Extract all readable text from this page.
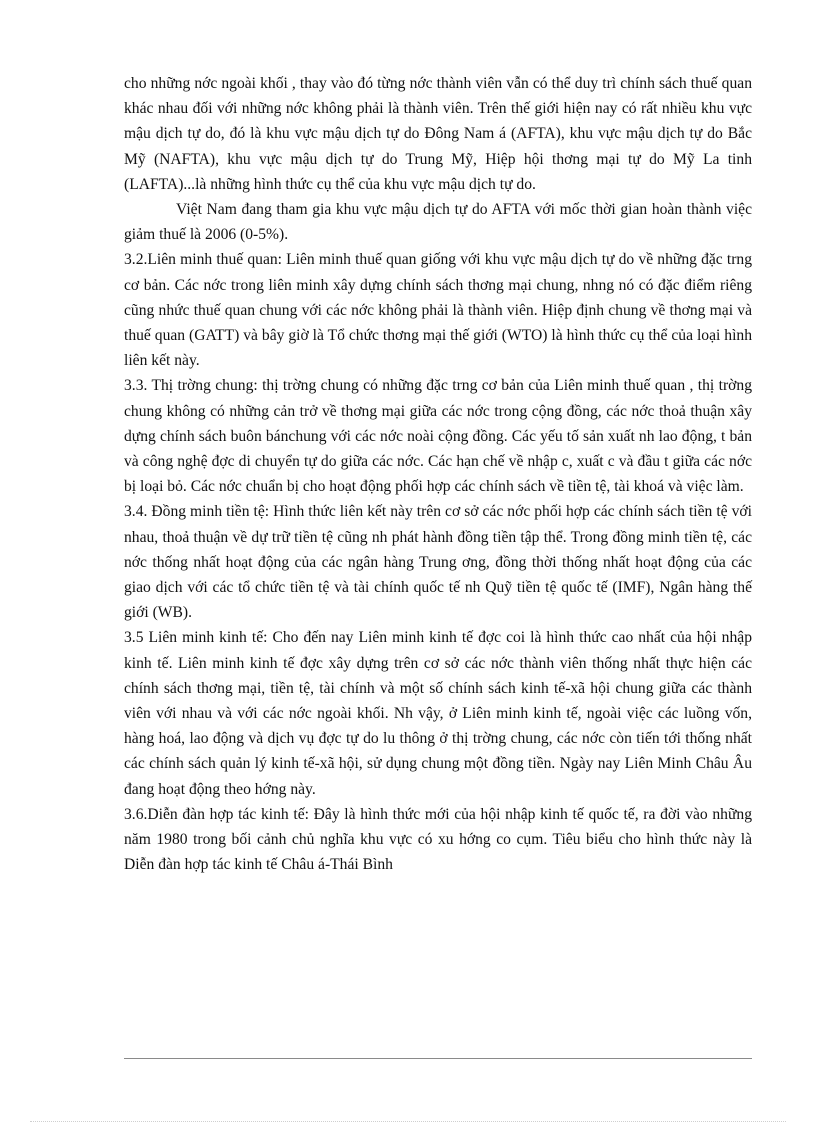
cho những nớc ngoài khối , thay vào đó từng nớc thành viên vẫn có thể duy trì chính sách thuế quan khác nhau đối với những nớc không phải là thành viên. Trên thế giới hiện nay có rất nhiều khu vực mậu dịch tự do, đó là khu vực mậu dịch tự do Đông Nam á (AFTA), khu vực mậu dịch tự do Bắc Mỹ (NAFTA), khu vực mậu dịch tự do Trung Mỹ, Hiệp hội thơng mại tự do Mỹ La tinh (LAFTA)...là những hình thức cụ thể của khu vực mậu dịch tự do.

Việt Nam đang tham gia khu vực mậu dịch tự do AFTA với mốc thời gian hoàn thành việc giảm thuế là 2006 (0-5%).

3.2.Liên minh thuế quan: Liên minh thuế quan giống với khu vực mậu dịch tự do về những đặc trng cơ bản. Các nớc trong liên minh xây dựng chính sách thơng mại chung, nhng nó có đặc điểm riêng cũng nhức thuế quan chung với các nớc không phải là thành viên. Hiệp định chung về thơng mại và thuế quan (GATT) và bây giờ là Tổ chức thơng mại thế giới (WTO) là hình thức cụ thể của loại hình liên kết này.

3.3. Thị trờng chung: thị trờng chung có những đặc trng cơ bản của Liên minh thuế quan , thị trờng chung không có những cản trở về thơng mại giữa các nớc trong cộng đồng, các nớc thoả thuận xây dựng chính sách buôn bánchung với các nớc noài cộng đồng. Các yếu tố sản xuất nh lao động, t bản và công nghệ đợc di chuyển tự do giữa các nớc. Các hạn chế về nhập c, xuất c và đầu t giữa các nớc bị loại bỏ. Các nớc chuẩn bị cho hoạt động phối hợp các chính sách về tiền tệ, tài khoá và việc làm.

3.4. Đồng minh tiền tệ: Hình thức liên kết này trên cơ sở các nớc phối hợp các chính sách tiền tệ với nhau, thoả thuận về dự trữ tiền tệ cũng nh phát hành đồng tiền tập thể. Trong đồng minh tiền tệ, các nớc thống nhất hoạt động của các ngân hàng Trung ơng, đồng thời thống nhất hoạt động của các giao dịch với các tổ chức tiền tệ và tài chính quốc tế nh Quỹ tiền tệ quốc tế (IMF), Ngân hàng thế giới (WB).

3.5 Liên minh kinh tế: Cho đến nay Liên minh kinh tế đợc coi là hình thức cao nhất của hội nhập kinh tế. Liên minh kinh tế đợc xây dựng trên cơ sở các nớc thành viên thống nhất thực hiện các chính sách thơng mại, tiền tệ, tài chính và một số chính sách kinh tế-xã hội chung giữa các thành viên với nhau và với các nớc ngoài khối. Nh vậy, ở Liên minh kinh tế, ngoài việc các luồng vốn, hàng hoá, lao động và dịch vụ đợc tự do lu thông ở thị trờng chung, các nớc còn tiến tới thống nhất các chính sách quản lý kinh tế-xã hội, sử dụng chung một đồng tiền. Ngày nay Liên Minh Châu Âu đang hoạt động theo hớng này.

3.6.Diễn đàn hợp tác kinh tế: Đây là hình thức mới của hội nhập kinh tế quốc tế, ra đời vào những năm 1980 trong bối cảnh chủ nghĩa khu vực có xu hớng co cụm. Tiêu biểu cho hình thức này là Diễn đàn hợp tác kinh tế Châu á-Thái Bình
